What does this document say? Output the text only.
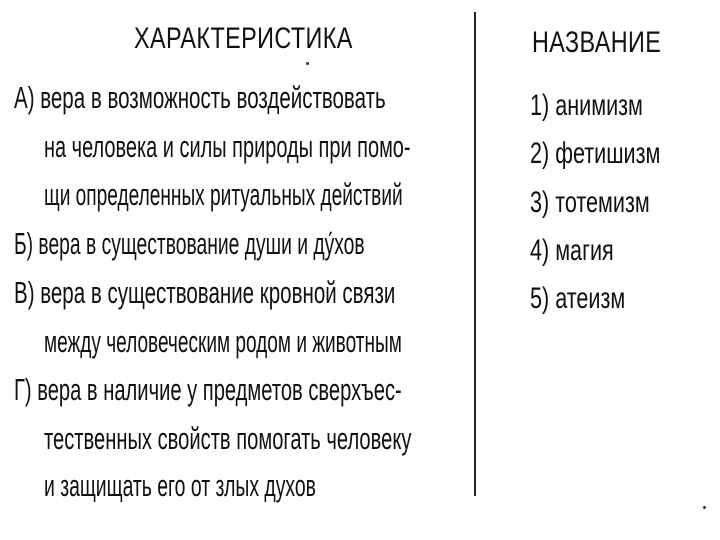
ХАРАКТЕРИСТИКА	НАЗВАНИЕ
А) вера в возможность воздействовать
на человека и силы природы при помо-
щи определенных ритуальных действий
Б) вера в существование души и ду́хов
В) вера в существование кровной связи
между человеческим родом и животным
Г) вера в наличие у предметов сверхъес-
тественных свойств помогать человеку
и защищать его от злых духов
1) анимизм
2) фетишизм
3) тотемизм
4) магия
5) атеизм
